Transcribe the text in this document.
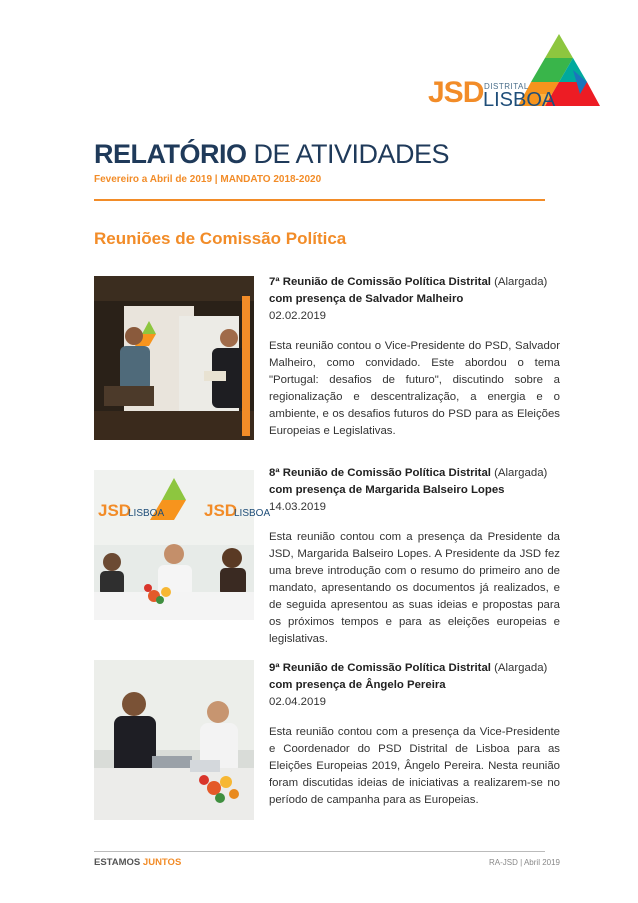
JSD DISTRITAL
LISBOA
RELATÓRIO DE ATIVIDADES
Fevereiro a Abril de 2019 | MANDATO 2018-2020
Reuniões de Comissão Política
7ª Reunião de Comissão Política Distrital (Alargada)
com presença de Salvador Malheiro
02.02.2019
Esta reunião contou o Vice-Presidente do PSD, Salvador Malheiro, como convidado. Este abordou o tema "Portugal: desafios de futuro", discutindo sobre a regionalização e descentralização, a energia e o ambiente, e os desafios futuros do PSD para as Eleições Europeias e Legislativas.
JSD
LISBOA JSD
LISBOA
8ª Reunião de Comissão Política Distrital (Alargada)
com presença de Margarida Balseiro Lopes
14.03.2019
Esta reunião contou com a presença da Presidente da JSD, Margarida Balseiro Lopes. A Presidente da JSD fez uma breve introdução com o resumo do primeiro ano de mandato, apresentando os documentos já realizados, e de seguida apresentou as suas ideias e propostas para os próximos tempos e para as eleições europeias e legislativas.
9ª Reunião de Comissão Política Distrital (Alargada)
com presença de Ângelo Pereira
02.04.2019
Esta reunião contou com a presença da Vice-Presidente e Coordenador do PSD Distrital de Lisboa para as Eleições Europeias 2019, Ângelo Pereira. Nesta reunião foram discutidas ideias de iniciativas a realizarem-se no período de campanha para as Europeias.
ESTAMOS JUNTOS	RA-JSD | Abril 2019
